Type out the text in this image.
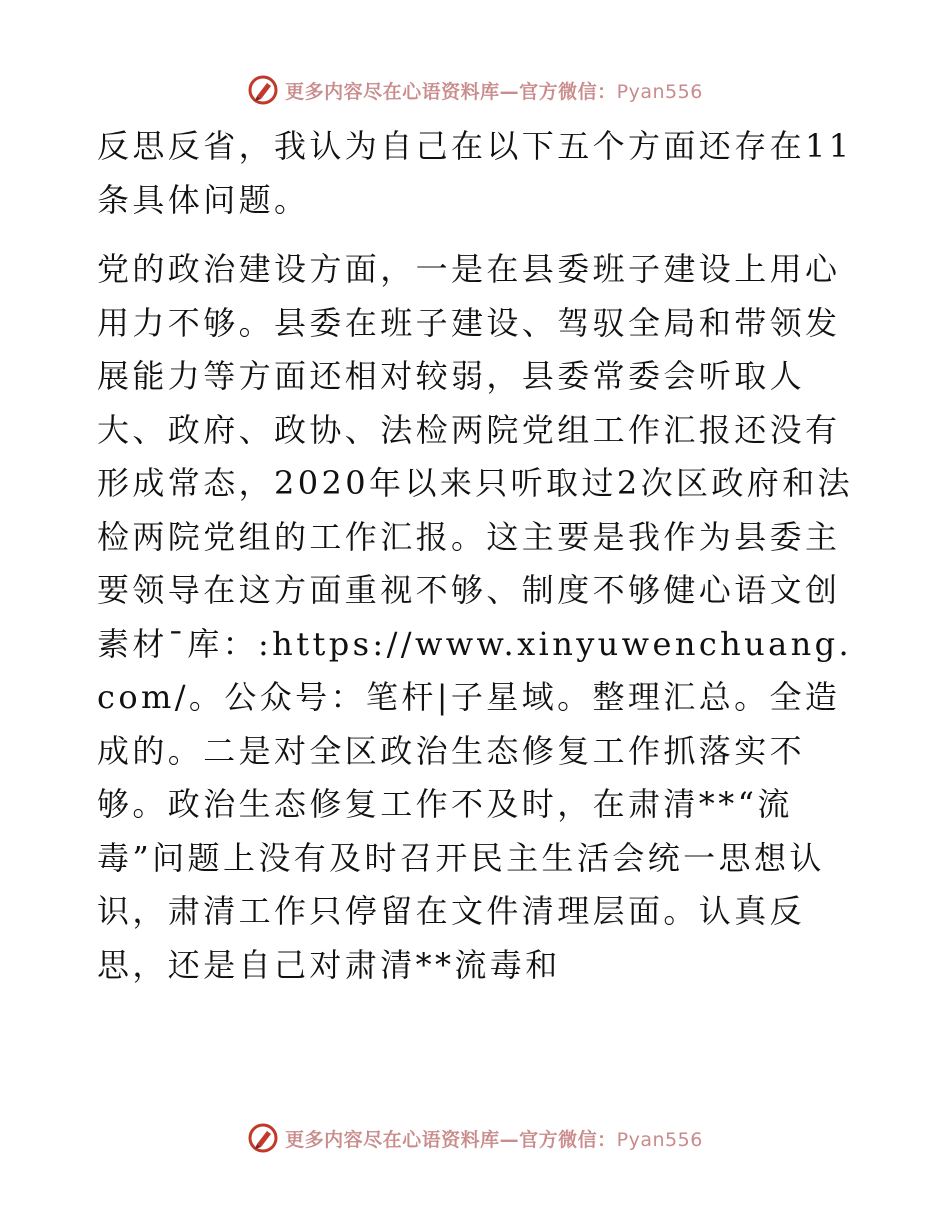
更多内容尽在心语资料库—官方微信：Pyan556

反思反省，我认为自己在以下五个方面还存在11条具体问题。

党的政治建设方面，一是在县委班子建设上用心用力不够。县委在班子建设、驾驭全局和带领发展能力等方面还相对较弱，县委常委会听取人大、政府、政协、法检两院党组工作汇报还没有形成常态，2020年以来只听取过2次区政府和法检两院党组的工作汇报。这主要是我作为县委主要领导在这方面重视不够、制度不够健心语文创素材¯库：:https://www.xinyuwenchuang.com/。公众号：笔杆|子星域。整理汇总。全造成的。二是对全区政治生态修复工作抓落实不够。政治生态修复工作不及时，在肃清**“流毒”问题上没有及时召开民主生活会统一思想认识，肃清工作只停留在文件清理层面。认真反思，还是自己对肃清**流毒和

更多内容尽在心语资料库—官方微信：Pyan556
